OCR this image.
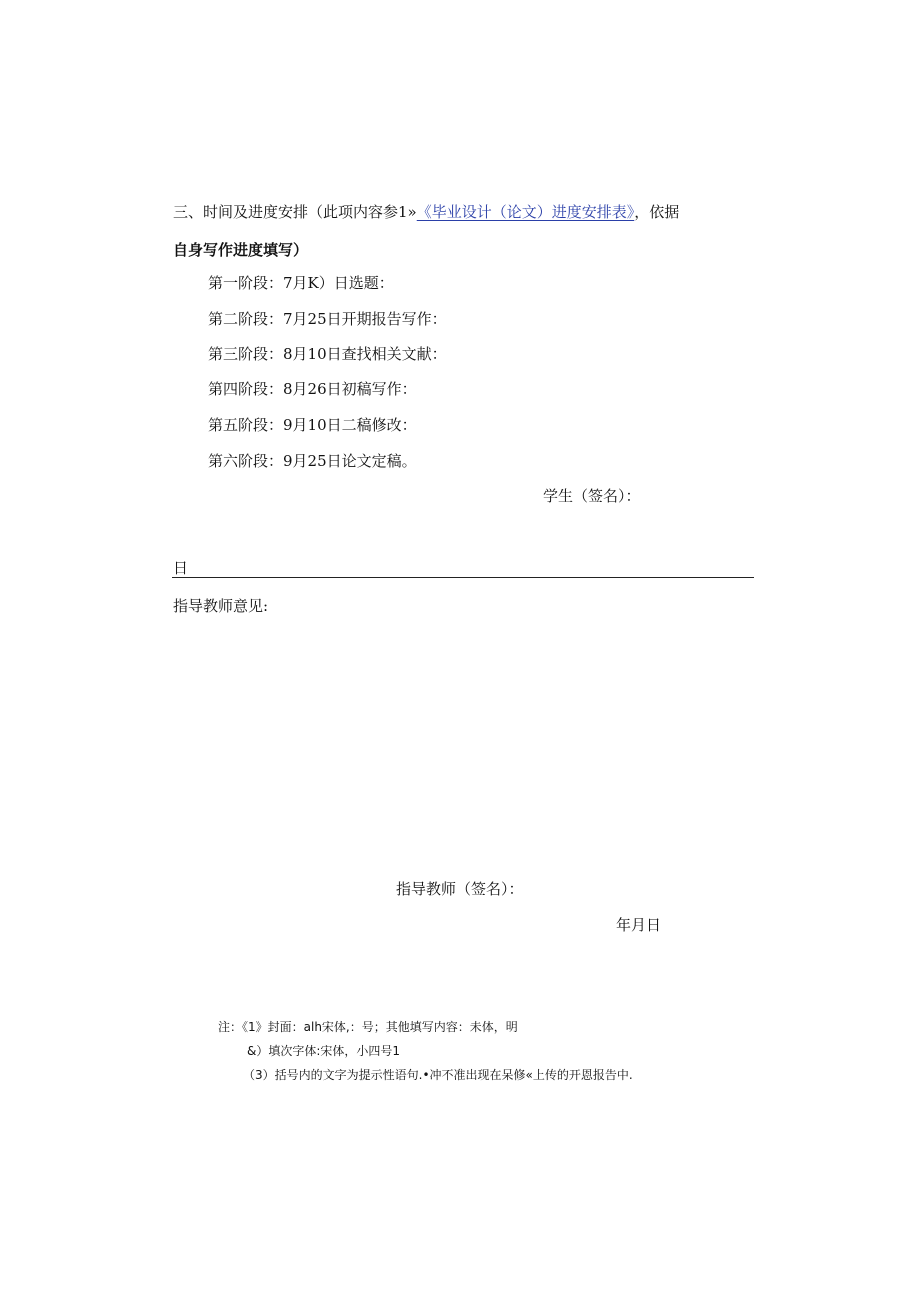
三、时间及进度安排（此项内容参1»《毕业设计（论文）进度安排表》，依据
自身写作进度填写）
第一阶段：7月K）日选题：
第二阶段：7月25日开期报告写作：
第三阶段：8月10日查找相关文献：
第四阶段：8月26日初稿写作：
第五阶段：9月10日二稿修改：
第六阶段：9月25日论文定稿。
学生（签名）：
日
指导教师意见:
指导教师（签名）：
年月日
注：《1》封面：alh宋体,：号；其他填写内容：未体，明
&）填次字体:宋体，小四号1
（3）括号内的文字为提示性语句.•冲不准出现在呆修«上传的开恩报告中.
